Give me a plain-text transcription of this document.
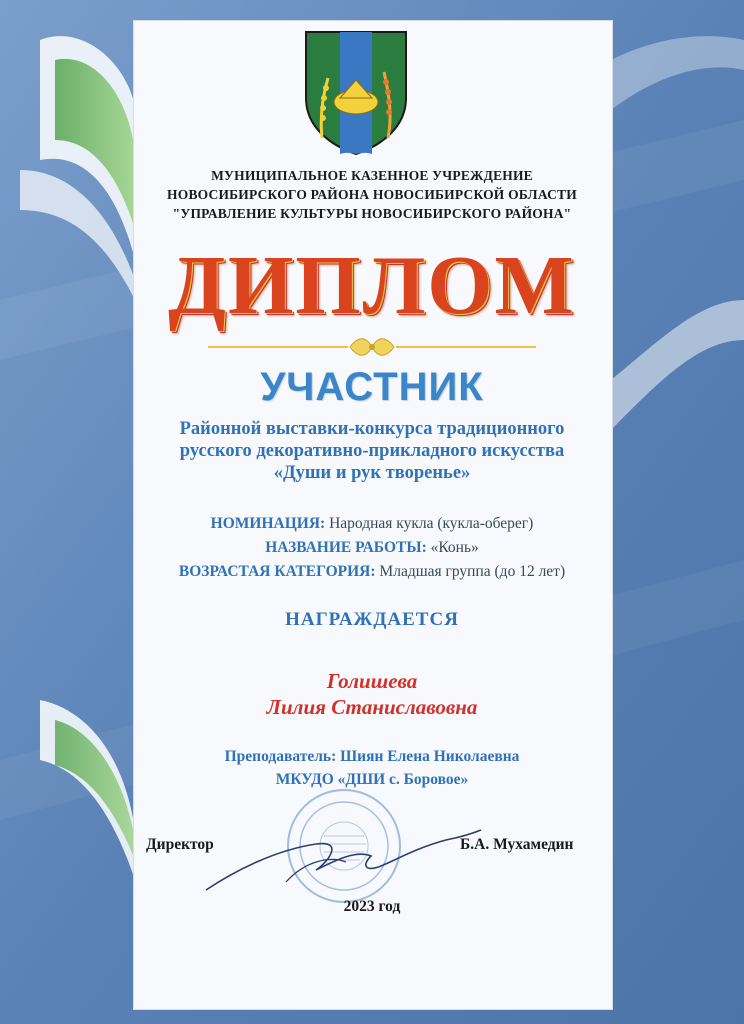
МУНИЦИПАЛЬНОЕ КАЗЕННОЕ УЧРЕЖДЕНИЕ
НОВОСИБИРСКОГО РАЙОНА НОВОСИБИРСКОЙ ОБЛАСТИ
"УПРАВЛЕНИЕ КУЛЬТУРЫ НОВОСИБИРСКОГО РАЙОНА"
ДИПЛОМ
УЧАСТНИК
Районной выставки-конкурса традиционного
русского декоративно-прикладного искусства
«Души и рук творенье»
НОМИНАЦИЯ: Народная кукла (кукла-оберег)
НАЗВАНИЕ РАБОТЫ: «Конь»
ВОЗРАСТАЯ КАТЕГОРИЯ: Младшая группа (до 12 лет)
НАГРАЖДАЕТСЯ
Голишева
Лилия Станиславовна
Преподаватель: Шиян Елена Николаевна
МКУДО «ДШИ с. Боровое»
Директор	Б.А. Мухамедин
2023 год
